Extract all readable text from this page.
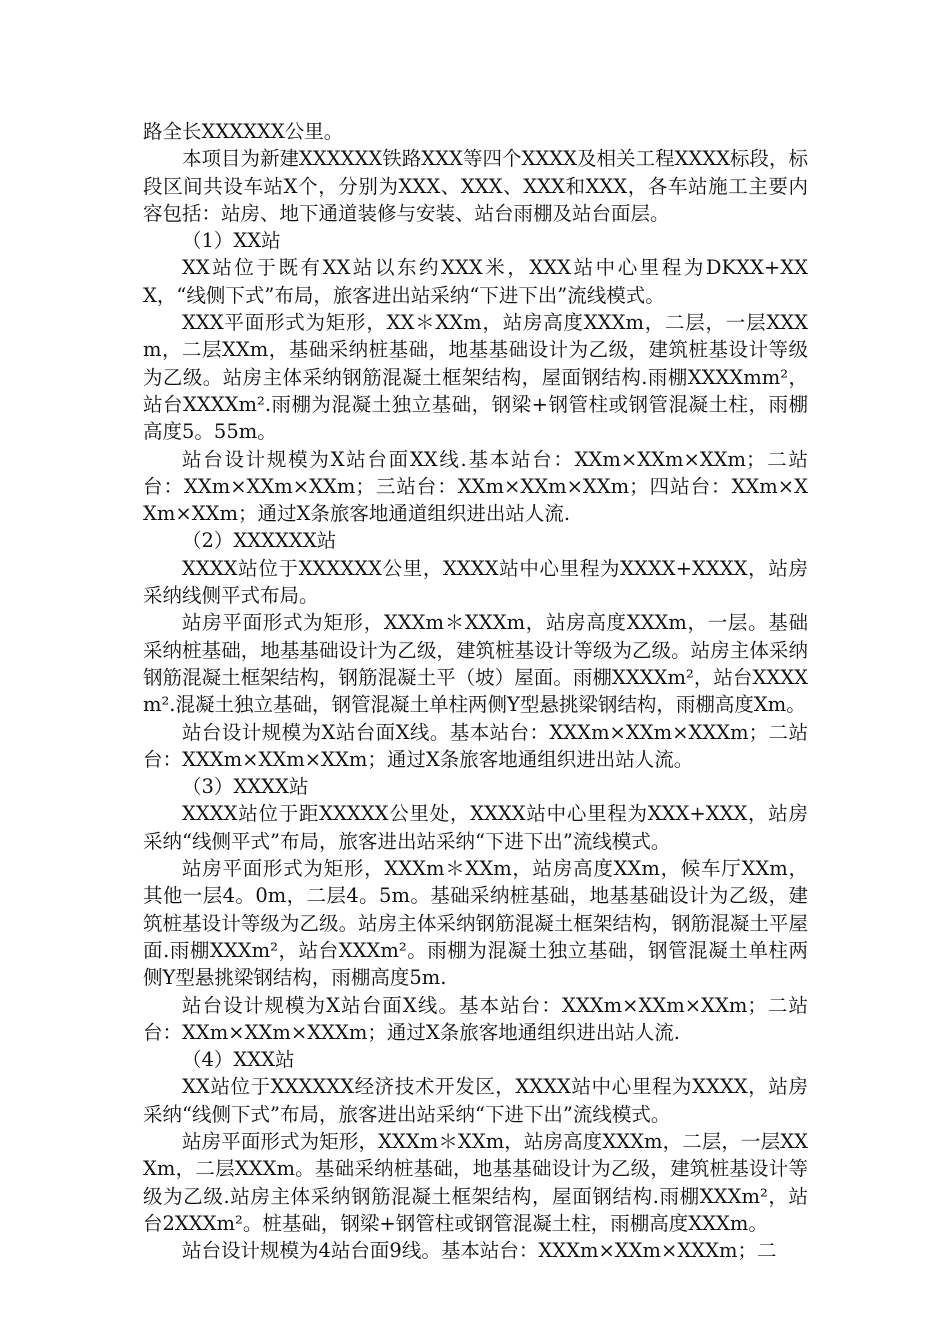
路全长XXXXXX公里。

本项目为新建XXXXXX铁路XXX等四个XXXX及相关工程XXXX标段，标段区间共设车站X个，分别为XXX、XXX、XXX和XXX，各车站施工主要内容包括：站房、地下通道装修与安装、站台雨棚及站台面层。

（1）XX站

XX站位于既有XX站以东约XXX米，XXX站中心里程为DKXX+XXX，“线侧下式”布局，旅客进出站采纳“下进下出”流线模式。

XXX平面形式为矩形，XX＊XXm，站房高度XXXm，二层，一层XXXm，二层XXm，基础采纳桩基础，地基基础设计为乙级，建筑桩基设计等级为乙级。站房主体采纳钢筋混凝土框架结构，屋面钢结构.雨棚XXXXmm²，站台XXXXm².雨棚为混凝土独立基础，钢梁+钢管柱或钢管混凝土柱，雨棚高度5。55m。

站台设计规模为X站台面XX线.基本站台：XXm×XXm×XXm；二站台：XXm×XXm×XXm；三站台：XXm×XXm×XXm；四站台：XXm×XXm×XXm；通过X条旅客地通道组织进出站人流.

（2）XXXXXX站

XXXX站位于XXXXXX公里，XXXX站中心里程为XXXX+XXXX，站房采纳线侧平式布局。

站房平面形式为矩形，XXXm＊XXXm，站房高度XXXm，一层。基础采纳桩基础，地基基础设计为乙级，建筑桩基设计等级为乙级。站房主体采纳钢筋混凝土框架结构，钢筋混凝土平（坡）屋面。雨棚XXXXm²，站台XXXXm².混凝土独立基础，钢管混凝土单柱两侧Y型悬挑梁钢结构，雨棚高度Xm。

站台设计规模为X站台面X线。基本站台：XXXm×XXm×XXXm；二站台：XXXm×XXm×XXm；通过X条旅客地通组织进出站人流。

（3）XXXX站

XXXX站位于距XXXXX公里处，XXXX站中心里程为XXX+XXX，站房采纳“线侧平式”布局，旅客进出站采纳“下进下出”流线模式。

站房平面形式为矩形，XXXm＊XXm，站房高度XXm，候车厅XXm，其他一层4。0m，二层4。5m。基础采纳桩基础，地基基础设计为乙级，建筑桩基设计等级为乙级。站房主体采纳钢筋混凝土框架结构，钢筋混凝土平屋面.雨棚XXXm²，站台XXXm²。雨棚为混凝土独立基础，钢管混凝土单柱两侧Y型悬挑梁钢结构，雨棚高度5m.

站台设计规模为X站台面X线。基本站台：XXXm×XXm×XXm；二站台：XXm×XXm×XXXm；通过X条旅客地通组织进出站人流.

（4）XXX站

XX站位于XXXXXX经济技术开发区，XXXX站中心里程为XXXX，站房采纳“线侧下式”布局，旅客进出站采纳“下进下出”流线模式。

站房平面形式为矩形，XXXm＊XXm，站房高度XXXm，二层，一层XXXm，二层XXXm。基础采纳桩基础，地基基础设计为乙级，建筑桩基设计等级为乙级.站房主体采纳钢筋混凝土框架结构，屋面钢结构.雨棚XXXm²，站台2XXXm²。桩基础，钢梁+钢管柱或钢管混凝土柱，雨棚高度XXXm。

站台设计规模为4站台面9线。基本站台：XXXm×XXm×XXXm；二
